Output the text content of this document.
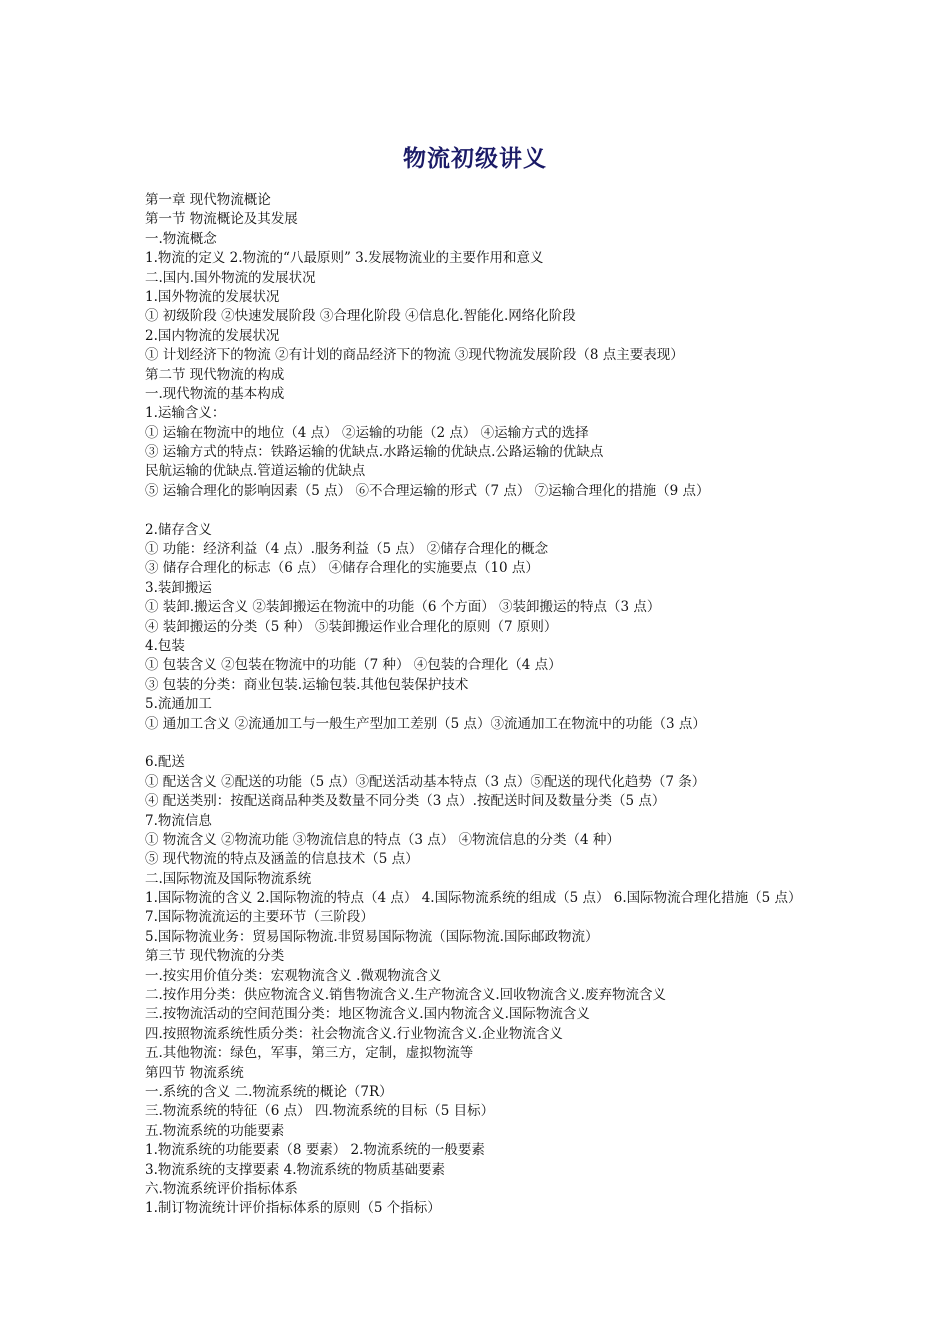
物流初级讲义
第一章 现代物流概论
第一节 物流概论及其发展
一.物流概念
1.物流的定义 2.物流的“八最原则” 3.发展物流业的主要作用和意义
二.国内.国外物流的发展状况
1.国外物流的发展状况
① 初级阶段 ②快速发展阶段 ③合理化阶段 ④信息化.智能化.网络化阶段
2.国内物流的发展状况
① 计划经济下的物流 ②有计划的商品经济下的物流 ③现代物流发展阶段（8 点主要表现）
第二节 现代物流的构成
一.现代物流的基本构成
1.运输含义：
① 运输在物流中的地位（4 点） ②运输的功能（2 点） ④运输方式的选择
③ 运输方式的特点：铁路运输的优缺点.水路运输的优缺点.公路运输的优缺点
民航运输的优缺点.管道运输的优缺点
⑤ 运输合理化的影响因素（5 点） ⑥不合理运输的形式（7 点） ⑦运输合理化的措施（9 点）
2.储存含义
① 功能：经济利益（4 点）.服务利益（5 点） ②储存合理化的概念
③ 储存合理化的标志（6 点） ④储存合理化的实施要点（10 点）
3.装卸搬运
① 装卸.搬运含义 ②装卸搬运在物流中的功能（6 个方面） ③装卸搬运的特点（3 点）
④ 装卸搬运的分类（5 种） ⑤装卸搬运作业合理化的原则（7 原则）
4.包装
① 包装含义 ②包装在物流中的功能（7 种） ④包装的合理化（4 点）
③ 包装的分类：商业包装.运输包装.其他包装保护技术
5.流通加工
① 通加工含义 ②流通加工与一般生产型加工差别（5 点）③流通加工在物流中的功能（3 点）
6.配送
① 配送含义 ②配送的功能（5 点）③配送活动基本特点（3 点）⑤配送的现代化趋势（7 条）
④ 配送类别：按配送商品种类及数量不同分类（3 点）.按配送时间及数量分类（5 点）
7.物流信息
① 物流含义 ②物流功能 ③物流信息的特点（3 点） ④物流信息的分类（4 种）
⑤ 现代物流的特点及涵盖的信息技术（5 点）
二.国际物流及国际物流系统
1.国际物流的含义 2.国际物流的特点（4 点） 4.国际物流系统的组成（5 点） 6.国际物流合理化措施（5 点） 7.国际物流流运的主要环节（三阶段）
5.国际物流业务：贸易国际物流.非贸易国际物流（国际物流.国际邮政物流）
第三节 现代物流的分类
一.按实用价值分类：宏观物流含义 .微观物流含义
二.按作用分类：供应物流含义.销售物流含义.生产物流含义.回收物流含义.废弃物流含义
三.按物流活动的空间范围分类：地区物流含义.国内物流含义.国际物流含义
四.按照物流系统性质分类：社会物流含义.行业物流含义.企业物流含义
五.其他物流：绿色，军事，第三方，定制，虚拟物流等
第四节 物流系统
一.系统的含义 二.物流系统的概论（7R）
三.物流系统的特征（6 点） 四.物流系统的目标（5 目标）
五.物流系统的功能要素
1.物流系统的功能要素（8 要素） 2.物流系统的一般要素
3.物流系统的支撑要素 4.物流系统的物质基础要素
六.物流系统评价指标体系
1.制订物流统计评价指标体系的原则（5 个指标）
